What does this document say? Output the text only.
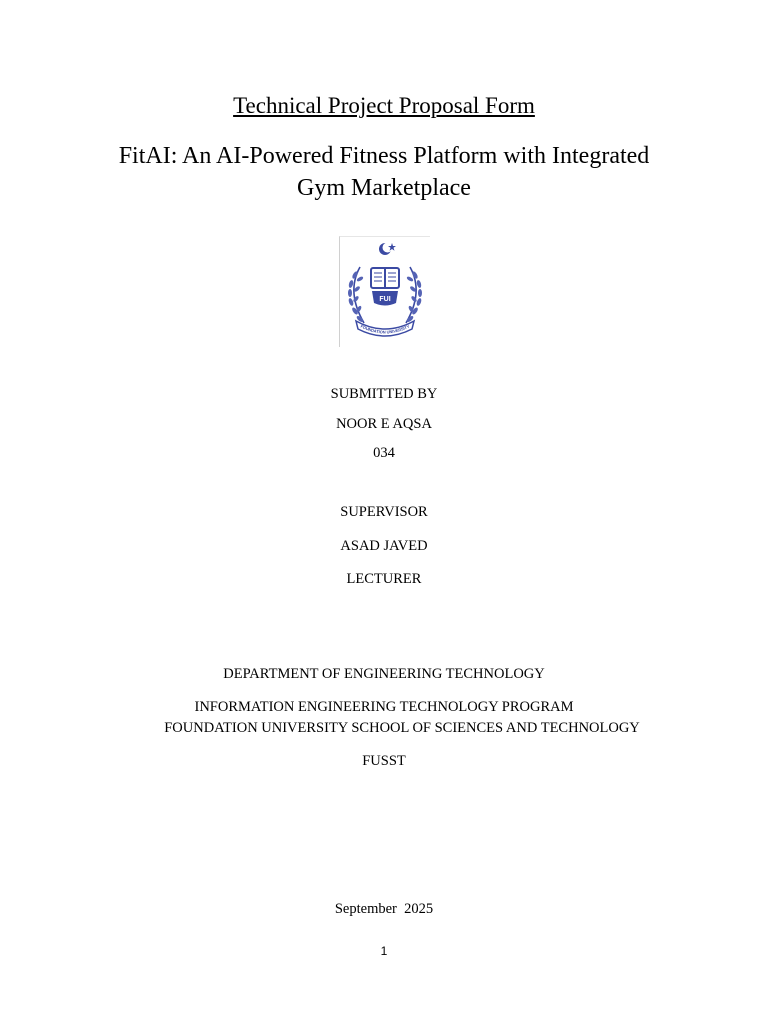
Technical Project Proposal Form
FitAI: An AI-Powered Fitness Platform with Integrated
Gym Marketplace
FUI
FOUNDATION UNIVERSITY
SUBMITTED BY
NOOR E AQSA
034
SUPERVISOR
ASAD JAVED
LECTURER
DEPARTMENT OF ENGINEERING TECHNOLOGY
INFORMATION ENGINEERING TECHNOLOGY PROGRAM
FOUNDATION UNIVERSITY SCHOOL OF SCIENCES AND TECHNOLOGY
FUSST
September  2025
1
